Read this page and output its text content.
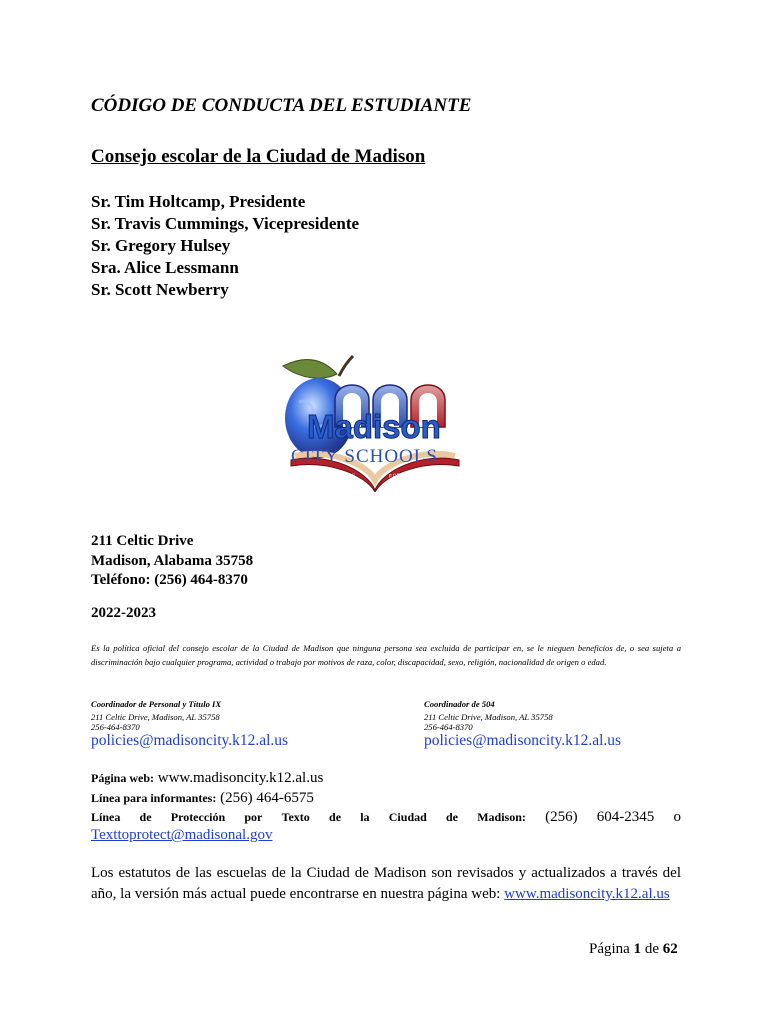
CÓDIGO DE CONDUCTA DEL ESTUDIANTE
Consejo escolar de la Ciudad de Madison
Sr. Tim Holtcamp, Presidente
Sr. Travis Cummings, Vicepresidente
Sr. Gregory Hulsey
Sra. Alice Lessmann
Sr. Scott Newberry
Madison
CITY SCHOOLS
EMPOWERING MINDS	FOR LIFELONG SUCCESS
211 Celtic Drive
Madison, Alabama 35758
Teléfono: (256) 464-8370
2022-2023
Es la política oficial del consejo escolar de la Ciudad de Madison que ninguna persona sea excluida de participar en, se le nieguen beneficios de, o sea sujeta a discriminación bajo cualquier programa, actividad o trabajo por motivos de raza, color, discapacidad, sexo, religión, nacionalidad de origen o edad.
Coordinador de Personal y Título IX
211 Celtic Drive, Madison, AL 35758
256-464-8370
policies@madisoncity.k12.al.us
Coordinador de 504
211 Celtic Drive, Madison, AL 35758
256-464-8370
policies@madisoncity.k12.al.us
Página web: www.madisoncity.k12.al.us
Línea para informantes: (256) 464-6575
Línea de Protección por Texto de la Ciudad de Madison: (256) 604-2345 o
Texttoprotect@madisonal.gov
Los estatutos de las escuelas de la Ciudad de Madison son revisados y actualizados a través del año, la versión más actual puede encontrarse en nuestra página web: www.madisoncity.k12.al.us
Página 1 de 62
